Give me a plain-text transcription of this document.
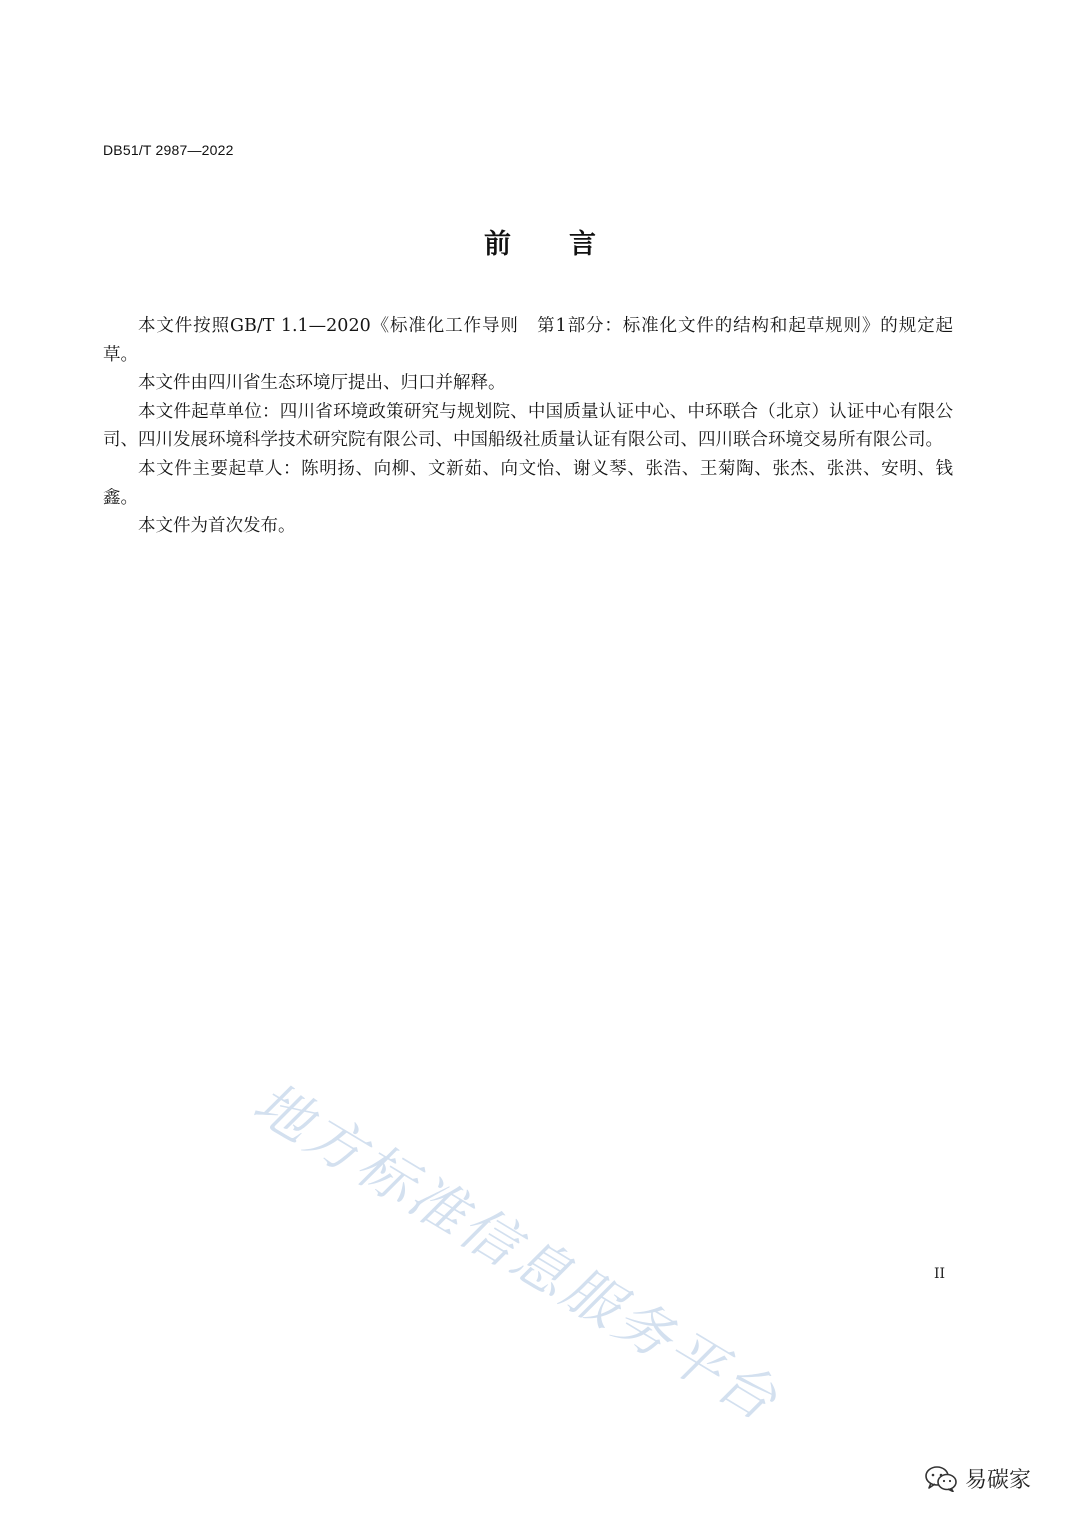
DB51/T 2987—2022
前言

本文件按照GB/T 1.1—2020《标准化工作导则　第1部分：标准化文件的结构和起草规则》的规定起草。

本文件由四川省生态环境厅提出、归口并解释。

本文件起草单位：四川省环境政策研究与规划院、中国质量认证中心、中环联合（北京）认证中心有限公司、四川发展环境科学技术研究院有限公司、中国船级社质量认证有限公司、四川联合环境交易所有限公司。

本文件主要起草人：陈明扬、向柳、文新茹、向文怡、谢义琴、张浩、王菊陶、张杰、张洪、安明、钱鑫。

本文件为首次发布。

地方标准信息服务平台	II
易碳家
